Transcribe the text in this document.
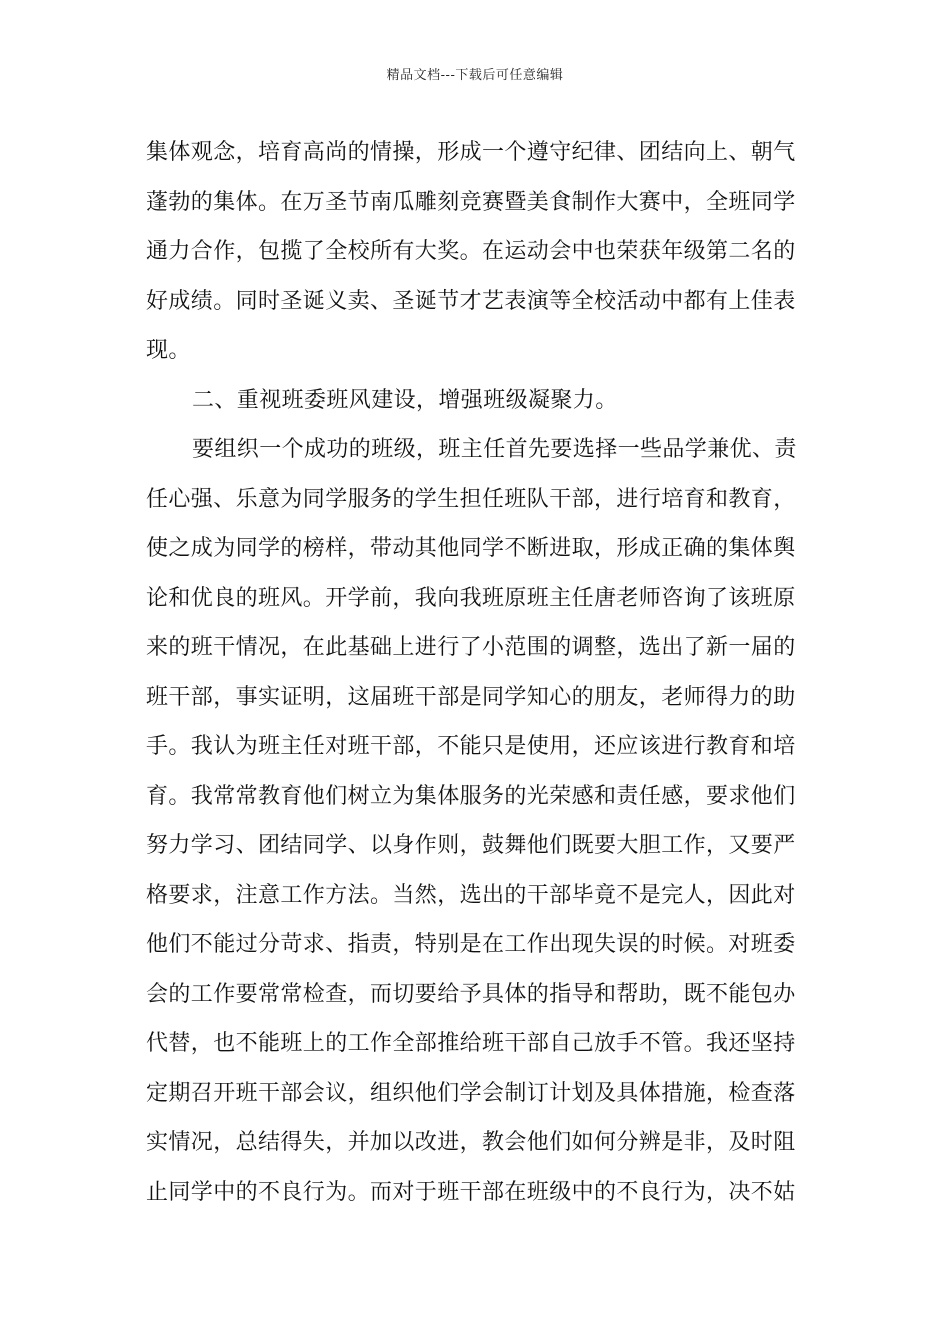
精品文档---下载后可任意编辑
集体观念，培育高尚的情操，形成一个遵守纪律、团结向上、朝气
蓬勃的集体。在万圣节南瓜雕刻竞赛暨美食制作大赛中，全班同学
通力合作，包揽了全校所有大奖。在运动会中也荣获年级第二名的
好成绩。同时圣诞义卖、圣诞节才艺表演等全校活动中都有上佳表
现。
二、重视班委班风建设，增强班级凝聚力。
要组织一个成功的班级，班主任首先要选择一些品学兼优、责
任心强、乐意为同学服务的学生担任班队干部，进行培育和教育，
使之成为同学的榜样，带动其他同学不断进取，形成正确的集体舆
论和优良的班风。开学前，我向我班原班主任唐老师咨询了该班原
来的班干情况，在此基础上进行了小范围的调整，选出了新一届的
班干部，事实证明，这届班干部是同学知心的朋友，老师得力的助
手。我认为班主任对班干部，不能只是使用，还应该进行教育和培
育。我常常教育他们树立为集体服务的光荣感和责任感，要求他们
努力学习、团结同学、以身作则，鼓舞他们既要大胆工作，又要严
格要求，注意工作方法。当然，选出的干部毕竟不是完人，因此对
他们不能过分苛求、指责，特别是在工作出现失误的时候。对班委
会的工作要常常检查，而切要给予具体的指导和帮助，既不能包办
代替，也不能班上的工作全部推给班干部自己放手不管。我还坚持
定期召开班干部会议，组织他们学会制订计划及具体措施，检查落
实情况，总结得失，并加以改进，教会他们如何分辨是非，及时阻
止同学中的不良行为。而对于班干部在班级中的不良行为，决不姑
